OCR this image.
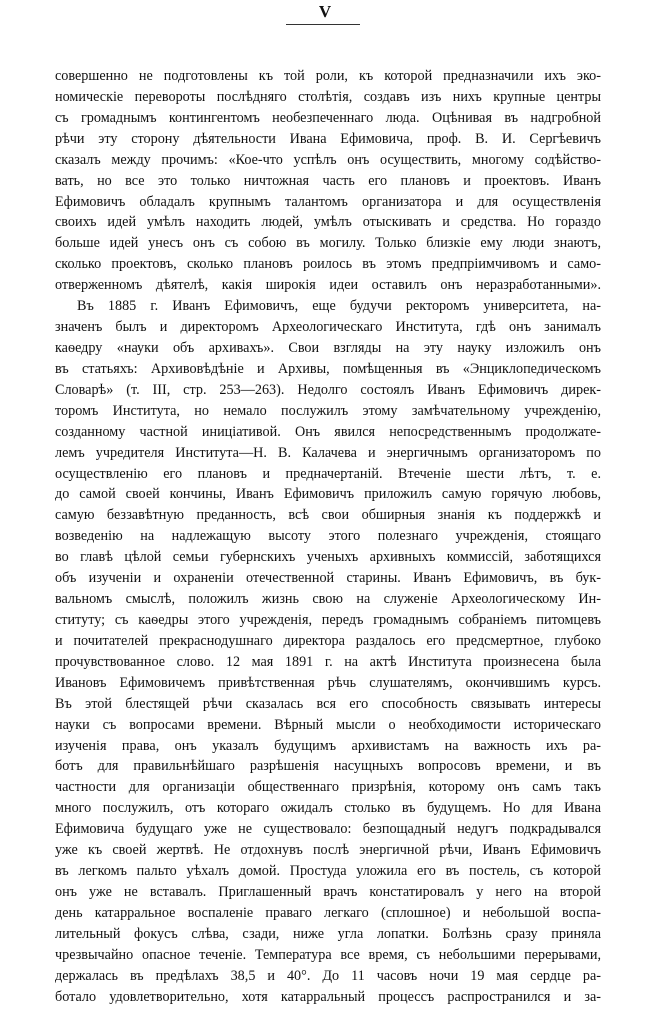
V
совершенно не подготовлены къ той роли, къ которой предназначили ихъ эко-
номическіе перевороты послѣдняго столѣтія, создавъ изъ нихъ крупные центры
съ громаднымъ контингентомъ необезпеченнаго люда. Оцѣнивая въ надгробной
рѣчи эту сторону дѣятельности Ивана Ефимовича, проф. В. И. Сергѣевичъ
сказалъ между прочимъ: «Кое-что успѣлъ онъ осуществить, многому содѣйство-
вать, но все это только ничтожная часть его плановъ и проектовъ. Иванъ
Ефимовичъ обладалъ крупнымъ талантомъ организатора и для осуществленія
своихъ идей умѣлъ находить людей, умѣлъ отыскивать и средства. Но гораздо
больше идей унесъ онъ съ собою въ могилу. Только близкіе ему люди знаютъ,
сколько проектовъ, сколько плановъ роилось въ этомъ предпріимчивомъ и само-
отверженномъ дѣятелѣ, какія широкія идеи оставилъ онъ неразработанными».
Въ 1885 г. Иванъ Ефимовичъ, еще будучи ректоромъ университета, на-
значенъ былъ и директоромъ Археологическаго Института, гдѣ онъ занималъ
каѳедру «науки объ архивахъ». Свои взгляды на эту науку изложилъ онъ
въ статьяхъ: Архивовѣдѣніе и Архивы, помѣщенныя въ «Энциклопедическомъ
Словарѣ» (т. III, стр. 253—263). Недолго состоялъ Иванъ Ефимовичъ дирек-
торомъ Института, но немало послужилъ этому замѣчательному учрежденію,
созданному частной иниціативой. Онъ явился непосредственнымъ продолжате-
лемъ учредителя Института—Н. В. Калачева и энергичнымъ организаторомъ по
осуществленію его плановъ и предначертаній. Втеченіе шести лѣтъ, т. е.
до самой своей кончины, Иванъ Ефимовичъ приложилъ самую горячую любовь,
самую беззавѣтную преданность, всѣ свои обширныя знанія къ поддержкѣ и
возведенію на надлежащую высоту этого полезнаго учрежденія, стоящаго
во главѣ цѣлой семьи губернскихъ ученыхъ архивныхъ коммиссій, заботящихся
объ изученіи и охраненіи отечественной старины. Иванъ Ефимовичъ, въ бук-
вальномъ смыслѣ, положилъ жизнь свою на служеніе Археологическому Ин-
ституту; съ каѳедры этого учрежденія, передъ громаднымъ собраніемъ питомцевъ
и почитателей прекраснодушнаго директора раздалось его предсмертное, глубоко
прочувствованное слово. 12 мая 1891 г. на актѣ Института произнесена была
Ивановъ Ефимовичемъ привѣтственная рѣчь слушателямъ, окончившимъ курсъ.
Въ этой блестящей рѣчи сказалась вся его способность связывать интересы
науки съ вопросами времени. Вѣрный мысли о необходимости историческаго
изученія права, онъ указалъ будущимъ архивистамъ на важность ихъ ра-
ботъ для правильнѣйшаго разрѣшенія насущныхъ вопросовъ времени, и въ
частности для организаціи общественнаго призрѣнія, которому онъ самъ такъ
много послужилъ, отъ котораго ожидалъ столько въ будущемъ. Но для Ивана
Ефимовича будущаго уже не существовало: безпощадный недугъ подкрадывался
уже къ своей жертвѣ. Не отдохнувъ послѣ энергичной рѣчи, Иванъ Ефимовичъ
въ легкомъ пальто уѣхалъ домой. Простуда уложила его въ постель, съ которой
онъ уже не вставалъ. Приглашенный врачъ констатировалъ у него на второй
день катарральное воспаленіе праваго легкаго (сплошное) и небольшой воспа-
лительный фокусъ слѣва, сзади, ниже угла лопатки. Болѣзнь сразу приняла
чрезвычайно опасное теченіе. Температура все время, съ небольшими перерывами,
держалась въ предѣлахъ 38,5 и 40°. До 11 часовъ ночи 19 мая сердце ра-
ботало удовлетворительно, хотя катарральный процессъ распространился и за-
